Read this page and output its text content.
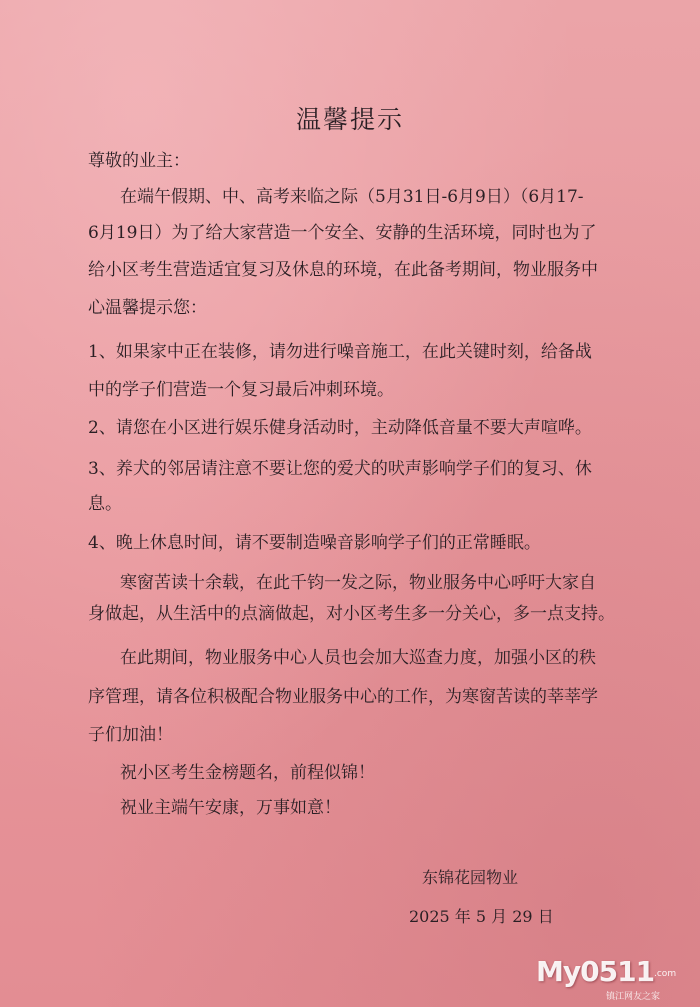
温馨提示
尊敬的业主：
在端午假期、中、高考来临之际（5月31日-6月9日）（6月17-
6月19日）为了给大家营造一个安全、安静的生活环境，同时也为了
给小区考生营造适宜复习及休息的环境，在此备考期间，物业服务中
心温馨提示您：
1、如果家中正在装修，请勿进行噪音施工，在此关键时刻，给备战
中的学子们营造一个复习最后冲刺环境。
2、请您在小区进行娱乐健身活动时，主动降低音量不要大声喧哗。
3、养犬的邻居请注意不要让您的爱犬的吠声影响学子们的复习、休
息。
4、晚上休息时间，请不要制造噪音影响学子们的正常睡眠。
寒窗苦读十余载，在此千钧一发之际，物业服务中心呼吁大家自
身做起，从生活中的点滴做起，对小区考生多一分关心，多一点支持。
在此期间，物业服务中心人员也会加大巡查力度，加强小区的秩
序管理，请各位积极配合物业服务中心的工作，为寒窗苦读的莘莘学
子们加油！
祝小区考生金榜题名，前程似锦！
祝业主端午安康，万事如意！
东锦花园物业
2025 年 5 月 29 日
My0511 .com
镇江网友之家
